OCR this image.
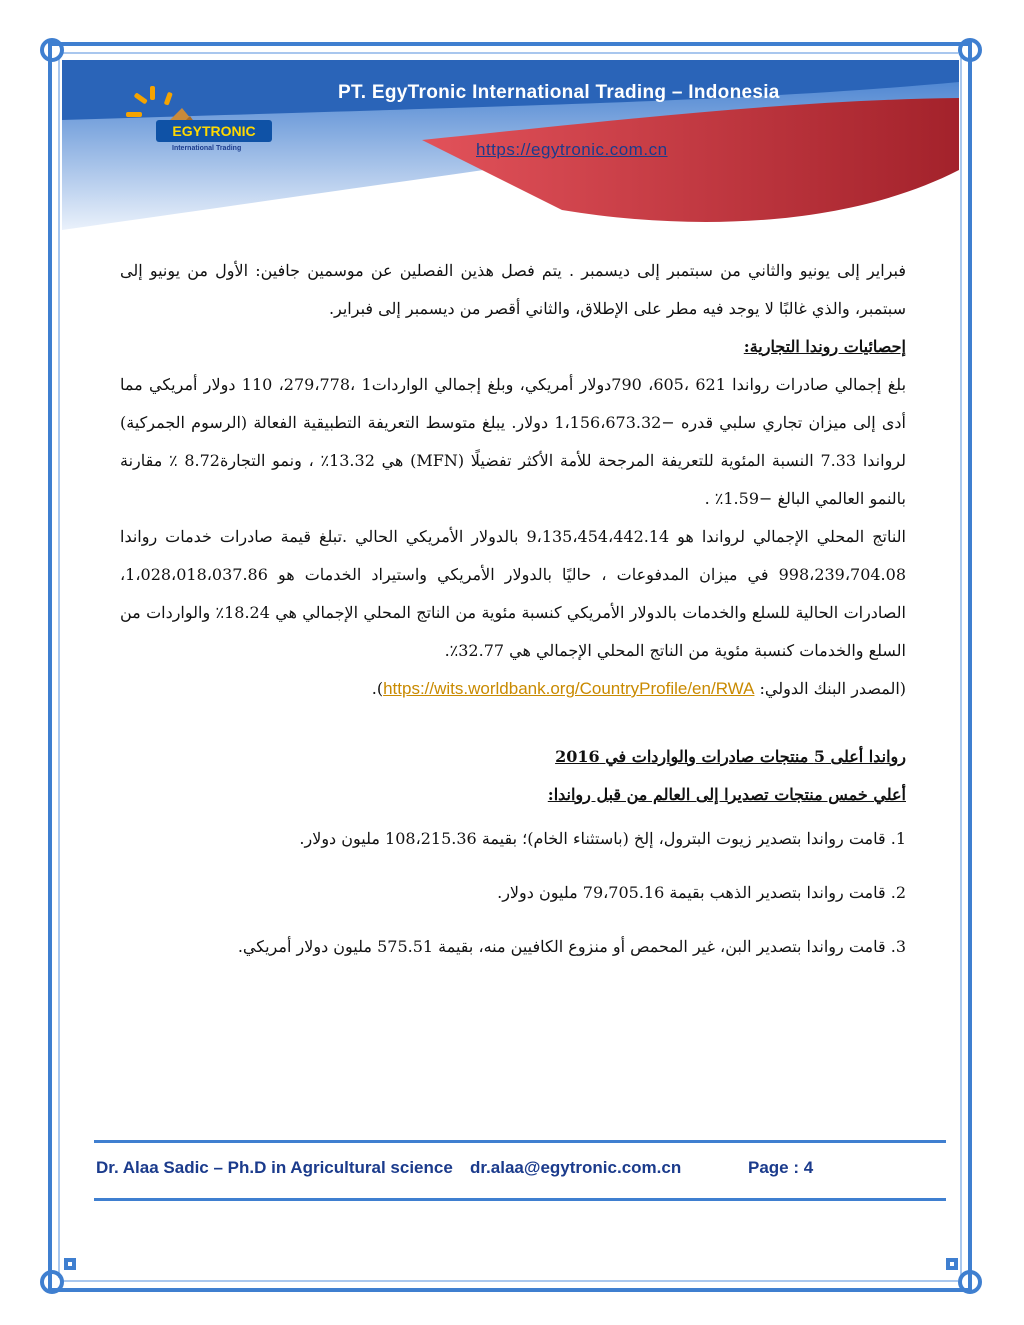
EGYTRONIC
International Trading
PT. EgyTronic International Trading – Indonesia
https://egytronic.com.cn

فبراير إلى يونيو والثاني من سبتمبر إلى ديسمبر . يتم فصل هذين الفصلين عن موسمين جافين: الأول من يونيو إلى سبتمبر، والذي غالبًا لا يوجد فيه مطر على الإطلاق، والثاني أقصر من ديسمبر إلى فبراير.

إحصائيات روندا التجارية:

بلغ إجمالي صادرات رواندا 621 ،605، 790دولار أمريكي، وبلغ إجمالي الواردات1 ،279،778، 110 دولار أمريكي مما أدى إلى ميزان تجاري سلبي قدره −1،156،673.32 دولار. يبلغ متوسط التعريفة التطبيقية الفعالة (الرسوم الجمركية) لرواندا 7.33 النسبة المئوية للتعريفة المرجحة للأمة الأكثر تفضيلًا (MFN) هي 13.32٪ ، ونمو التجارة8.72 ٪ مقارنة بالنمو العالمي البالغ −1.59٪ .

الناتج المحلي الإجمالي لرواندا هو 9،135،454،442.14 بالدولار الأمريكي الحالي .تبلغ قيمة صادرات خدمات رواندا 998،239،704.08 في ميزان المدفوعات ، حاليًا بالدولار الأمريكي واستيراد الخدمات هو 1،028،018،037.86، الصادرات الحالية للسلع والخدمات بالدولار الأمريكي كنسبة مئوية من الناتج المحلي الإجمالي هي 18.24٪ والواردات من السلع والخدمات كنسبة مئوية من الناتج المحلي الإجمالي هي 32.77٪.

(المصدر البنك الدولي: https://wits.worldbank.org/CountryProfile/en/RWA).

رواندا أعلى 5 منتجات صادرات والواردات في 2016

أعلي خمس منتجات تصديرا إلى العالم من قبل رواندا:

1. قامت رواندا بتصدير زيوت البترول، إلخ (باستثناء الخام)؛ بقيمة 108،215.36 مليون دولار.

2. قامت رواندا بتصدير الذهب بقيمة 79،705.16 مليون دولار.

3. قامت رواندا بتصدير البن، غير المحمص أو منزوع الكافيين منه، بقيمة 575.51 مليون دولار أمريكي.

Dr. Alaa Sadic – Ph.D in Agricultural science dr.alaa@egytronic.com.cn	Page : 4
